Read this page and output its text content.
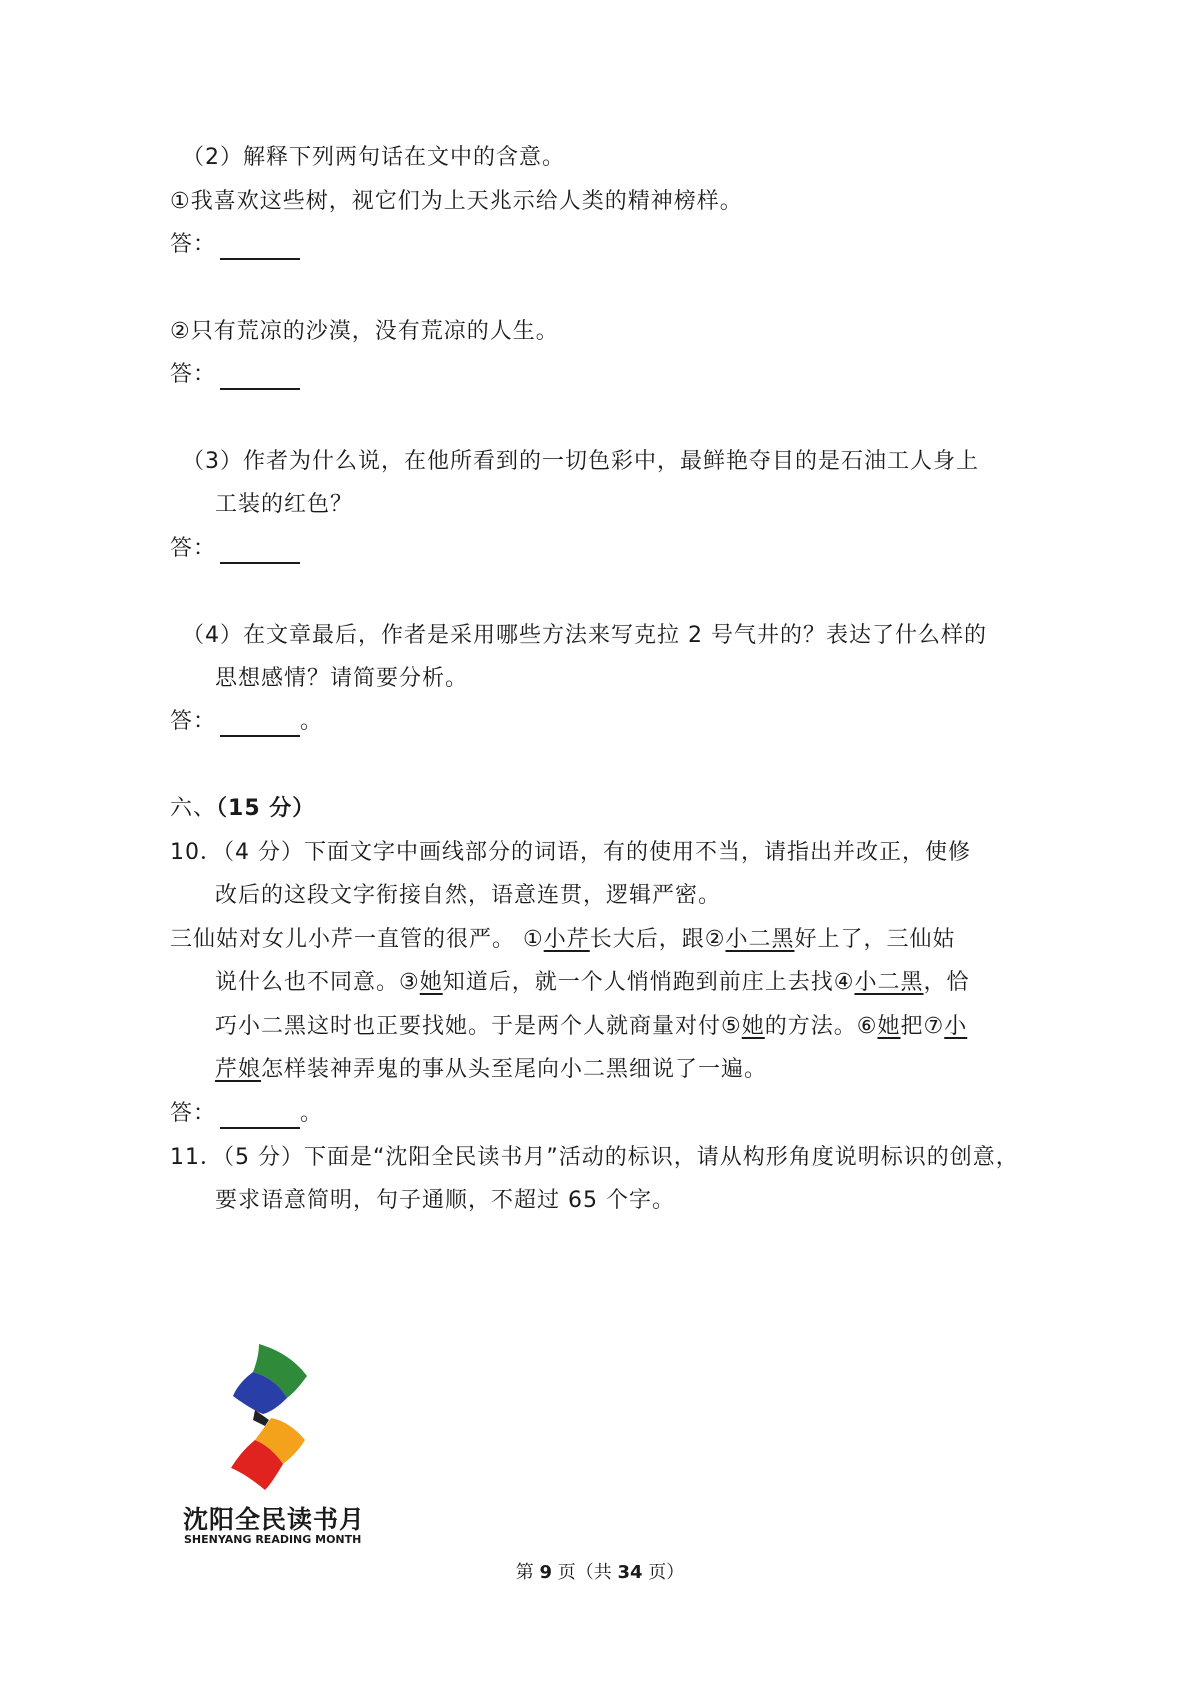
（2）解释下列两句话在文中的含意。
①我喜欢这些树，视它们为上天兆示给人类的精神榜样。
答：
②只有荒凉的沙漠，没有荒凉的人生。
答：
（3）作者为什么说，在他所看到的一切色彩中，最鲜艳夺目的是石油工人身上
工装的红色？
答：
（4）在文章最后，作者是采用哪些方法来写克拉 2 号气井的？表达了什么样的
思想感情？请简要分析。
答：	。
六、（15 分）
10．（4 分）下面文字中画线部分的词语，有的使用不当，请指出并改正，使修
改后的这段文字衔接自然，语意连贯，逻辑严密。
三仙姑对女儿小芹一直管的很严。 ①小芹长大后，跟②小二黑好上了，三仙姑
说什么也不同意。③她知道后，就一个人悄悄跑到前庄上去找④小二黑，恰
巧小二黑这时也正要找她。于是两个人就商量对付⑤她的方法。⑥她把⑦小
芹娘怎样装神弄鬼的事从头至尾向小二黑细说了一遍。
答：	。
11．（5 分）下面是“沈阳全民读书月”活动的标识，请从构形角度说明标识的创意，
要求语意简明，句子通顺，不超过 65 个字。
沈阳全民读书月
SHENYANG READING MONTH
第 9 页（共 34 页）
